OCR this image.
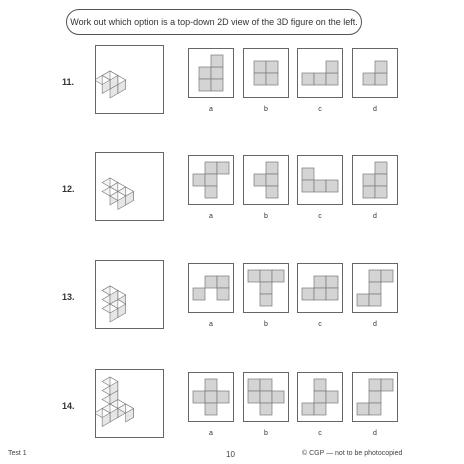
Work out which option is a top-down 2D view of the 3D figure on the left.
11.
a	b	c	d
12.
a	b	c	d
13.
a	b	c	d
14.
a	b	c	d
Test 1	10	© CGP — not to be photocopied
